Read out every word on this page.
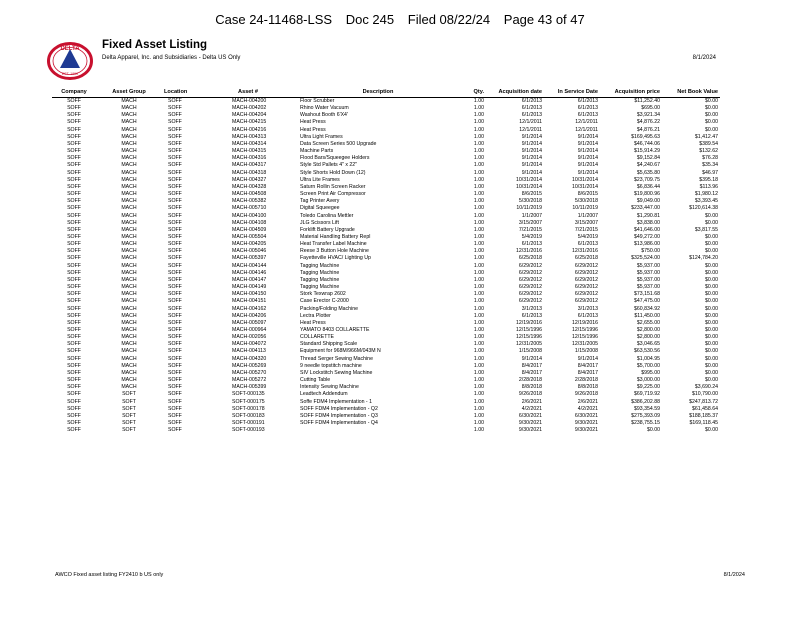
Case 24-11468-LSS Doc 245 Filed 08/22/24 Page 43 of 47
DELTA
EST. 1990
Fixed Asset Listing
Delta Apparel, Inc. and Subsidiaries - Delta US Only	8/1/2024
Company	Asset Group	Location	Asset #	Description	Qty.	Acquisition date	In Service Date	Acquisition price	Net Book Value
SOFF	MACH	SOFF	MACH-004200	Floor Scrubber	1.00	6/1/2013	6/1/2013	$11,252.40	$0.00
SOFF	MACH	SOFF	MACH-004202	Rhino Water Vacuum	1.00	6/1/2013	6/1/2013	$695.00	$0.00
SOFF	MACH	SOFF	MACH-004204	Washout Booth 6'X4'	1.00	6/1/2013	6/1/2013	$3,921.34	$0.00
SOFF	MACH	SOFF	MACH-004215	Heat Press	1.00	12/1/2011	12/1/2011	$4,876.22	$0.00
SOFF	MACH	SOFF	MACH-004216	Heat Press	1.00	12/1/2011	12/1/2011	$4,876.21	$0.00
SOFF	MACH	SOFF	MACH-004313	Ultra Light Frames	1.00	9/1/2014	9/1/2014	$169,495.63	$1,412.47
SOFF	MACH	SOFF	MACH-004314	Data Screen Series 500 Upgrade	1.00	9/1/2014	9/1/2014	$46,744.06	$389.54
SOFF	MACH	SOFF	MACH-004315	Machine Parts	1.00	9/1/2014	9/1/2014	$15,914.29	$132.62
SOFF	MACH	SOFF	MACH-004316	Flood Bars/Squeegee Holders	1.00	9/1/2014	9/1/2014	$9,152.84	$76.28
SOFF	MACH	SOFF	MACH-004317	Style Std Pallets 4" x 22"	1.00	9/1/2014	9/1/2014	$4,240.67	$35.34
SOFF	MACH	SOFF	MACH-004318	Style Shorts Hold Down (12)	1.00	9/1/2014	9/1/2014	$5,635.80	$46.97
SOFF	MACH	SOFF	MACH-004327	Ultra Lite Frames	1.00	10/31/2014	10/31/2014	$23,709.75	$395.18
SOFF	MACH	SOFF	MACH-004328	Saturn Rollin Screen Racker	1.00	10/31/2014	10/31/2014	$6,836.44	$113.96
SOFF	MACH	SOFF	MACH-004508	Screen Print Air Compressor	1.00	8/6/2015	8/6/2015	$19,800.96	$1,980.12
SOFF	MACH	SOFF	MACH-005382	Tag Printer Avery	1.00	5/30/2018	5/30/2018	$9,049.00	$3,393.45
SOFF	MACH	SOFF	MACH-005710	Digital Squeegee	1.00	10/11/2019	10/11/2019	$233,447.00	$120,614.38
SOFF	MACH	SOFF	MACH-004100	Toledo Carolina Mettler	1.00	1/1/2007	1/1/2007	$1,290.81	$0.00
SOFF	MACH	SOFF	MACH-004108	JLG Scissors Lift	1.00	3/15/2007	3/15/2007	$3,838.00	$0.00
SOFF	MACH	SOFF	MACH-004509	Forklift Battery Upgrade	1.00	7/21/2015	7/21/2015	$41,646.00	$3,817.55
SOFF	MACH	SOFF	MACH-005504	Material Handling Battery Repl	1.00	5/4/2019	5/4/2019	$49,272.00	$0.00
SOFF	MACH	SOFF	MACH-004205	Heat Transfer Label Machine	1.00	6/1/2013	6/1/2013	$13,986.00	$0.00
SOFF	MACH	SOFF	MACH-005046	Reese 3 Button Hole Machine	1.00	12/31/2016	12/31/2016	$750.00	$0.00
SOFF	MACH	SOFF	MACH-005397	Fayetteville HVAC/ Lighting Up	1.00	6/25/2018	6/25/2018	$325,524.00	$124,784.20
SOFF	MACH	SOFF	MACH-004144	Tagging Machine	1.00	6/29/2012	6/29/2012	$5,937.00	$0.00
SOFF	MACH	SOFF	MACH-004146	Tagging Machine	1.00	6/29/2012	6/29/2012	$5,937.00	$0.00
SOFF	MACH	SOFF	MACH-004147	Tagging Machine	1.00	6/29/2012	6/29/2012	$5,937.00	$0.00
SOFF	MACH	SOFF	MACH-004149	Tagging Machine	1.00	6/29/2012	6/29/2012	$5,937.00	$0.00
SOFF	MACH	SOFF	MACH-004150	Stork Texwrap 2602	1.00	6/29/2012	6/29/2012	$73,151.68	$0.00
SOFF	MACH	SOFF	MACH-004151	Case Erector C-2000	1.00	6/29/2012	6/29/2012	$47,475.00	$0.00
SOFF	MACH	SOFF	MACH-004162	Packing/Folding Machine	1.00	3/1/2013	3/1/2013	$60,834.92	$0.00
SOFF	MACH	SOFF	MACH-004206	Lectra Plotter	1.00	6/1/2013	6/1/2013	$11,450.00	$0.00
SOFF	MACH	SOFF	MACH-005097	Heat Press	1.00	12/19/2016	12/19/2016	$2,655.00	$0.00
SOFF	MACH	SOFF	MACH-000964	YAMATO 8403 COLLARETTE	1.00	12/15/1996	12/15/1996	$2,800.00	$0.00
SOFF	MACH	SOFF	MACH-002056	COLLARETTE	1.00	12/15/1996	12/15/1996	$2,800.00	$0.00
SOFF	MACH	SOFF	MACH-004072	Standard Shipping Scale	1.00	12/31/2005	12/31/2005	$3,046.65	$0.00
SOFF	MACH	SOFF	MACH-004113	Equipment for 968M/966M/043M N	1.00	1/15/2008	1/15/2008	$63,530.56	$0.00
SOFF	MACH	SOFF	MACH-004320	Thread Serger Sewing Machine	1.00	9/1/2014	9/1/2014	$1,004.95	$0.00
SOFF	MACH	SOFF	MACH-005269	9 needle topstitch machine	1.00	8/4/2017	8/4/2017	$5,700.00	$0.00
SOFF	MACH	SOFF	MACH-005270	SIV Lockstitch Sewing Machine	1.00	8/4/2017	8/4/2017	$995.00	$0.00
SOFF	MACH	SOFF	MACH-005272	Cutting Table	1.00	2/28/2018	2/28/2018	$3,000.00	$0.00
SOFF	MACH	SOFF	MACH-005399	Intensity Sewing Machine	1.00	8/8/2018	8/8/2018	$9,225.00	$3,690.24
SOFF	SOFT	SOFF	SOFT-000135	Leadtech Addendum	1.00	9/26/2018	9/26/2018	$69,719.92	$10,790.00
SOFF	SOFT	SOFF	SOFT-000175	Soffe FDM4 Implementation - 1	1.00	2/6/2021	2/6/2021	$386,202.88	$247,813.72
SOFF	SOFT	SOFF	SOFT-000178	SOFF FDM4 Implementation - Q2	1.00	4/2/2021	4/2/2021	$93,354.59	$61,458.64
SOFF	SOFT	SOFF	SOFT-000183	SOFF FDM4 Implementation - Q3	1.00	6/30/2021	6/30/2021	$275,393.09	$188,185.37
SOFF	SOFT	SOFF	SOFT-000191	SOFF FDM4 Implementation - Q4	1.00	9/30/2021	9/30/2021	$238,755.15	$169,118.45
SOFF	SOFT	SOFF	SOFT-000193		1.00	9/30/2021	9/30/2021	$0.00	$0.00
AWCO Fixed asset listing FY2410 b US only	8/1/2024
